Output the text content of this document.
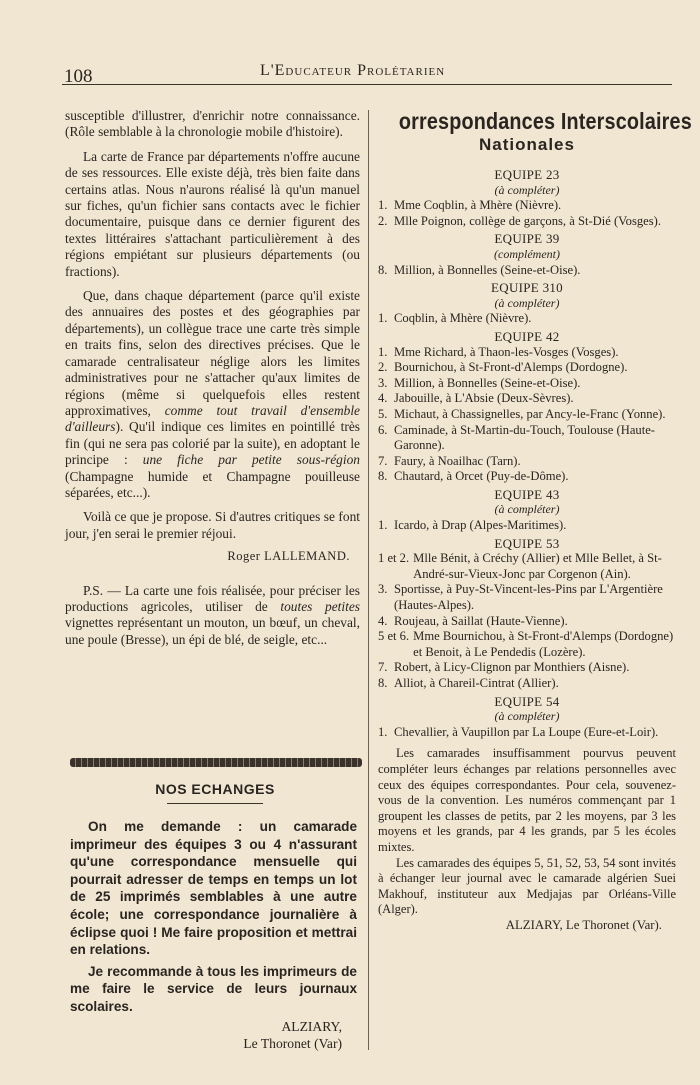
108	L'Educateur Prolétarien

susceptible d'illustrer, d'enrichir notre connaissance. (Rôle semblable à la chronologie mobile d'histoire).

La carte de France par départements n'offre aucune de ses ressources. Elle existe déjà, très bien faite dans certains atlas. Nous n'aurons réalisé là qu'un manuel sur fiches, qu'un fichier sans contacts avec le fichier documentaire, puisque dans ce dernier figurent des textes littéraires s'attachant particulièrement à des régions empiétant sur plusieurs départements (ou fractions).

Que, dans chaque département (parce qu'il existe des annuaires des postes et des géographies par départements), un collègue trace une carte très simple en traits fins, selon des directives précises. Que le camarade centralisateur néglige alors les limites administratives pour ne s'attacher qu'aux limites de régions (même si quelquefois elles restent approximatives, comme tout travail d'ensemble d'ailleurs). Qu'il indique ces limites en pointillé très fin (qui ne sera pas colorié par la suite), en adoptant le principe : une fiche par petite sous-région (Champagne humide et Champagne pouilleuse séparées, etc...).

Voilà ce que je propose. Si d'autres critiques se font jour, j'en serai le premier réjoui.

Roger LALLEMAND.

P.S. — La carte une fois réalisée, pour préciser les productions agricoles, utiliser de toutes petites vignettes représentant un mouton, un bœuf, un cheval, une poule (Bresse), un épi de blé, de seigle, etc...

NOS ECHANGES

On me demande : un camarade imprimeur des équipes 3 ou 4 n'assurant qu'une correspondance mensuelle qui pourrait adresser de temps en temps un lot de 25 imprimés semblables à une autre école; une correspondance journalière à éclipse quoi ! Me faire proposition et mettrai en relations.

Je recommande à tous les imprimeurs de me faire le service de leurs journaux scolaires.

ALZIARY,
Le Thoronet (Var)
orrespondances Interscolaires
Nationales
EQUIPE 23
(à compléter)
1. Mme Coqblin, à Mhère (Nièvre).
2. Mlle Poignon, collège de garçons, à St-Dié (Vosges).
EQUIPE 39
(complément)
8. Million, à Bonnelles (Seine-et-Oise).
EQUIPE 310
(à compléter)
1. Coqblin, à Mhère (Nièvre).
EQUIPE 42
1. Mme Richard, à Thaon-les-Vosges (Vosges).
2. Bournichou, à St-Front-d'Alemps (Dordogne).
3. Million, à Bonnelles (Seine-et-Oise).
4. Jabouille, à L'Absie (Deux-Sèvres).
5. Michaut, à Chassignelles, par Ancy-le-Franc (Yonne).
6. Caminade, à St-Martin-du-Touch, Toulouse (Haute-Garonne).
7. Faury, à Noailhac (Tarn).
8. Chautard, à Orcet (Puy-de-Dôme).
EQUIPE 43
(à compléter)
1. Icardo, à Drap (Alpes-Maritimes).
EQUIPE 53
1 et 2. Mlle Bénit, à Créchy (Allier) et Mlle Bellet, à St-André-sur-Vieux-Jonc par Corgenon (Ain).
3. Sportisse, à Puy-St-Vincent-les-Pins par L'Argentière (Hautes-Alpes).
4. Roujeau, à Saillat (Haute-Vienne).
5 et 6. Mme Bournichou, à St-Front-d'Alemps (Dordogne) et Benoit, à Le Pendedis (Lozère).
7. Robert, à Licy-Clignon par Monthiers (Aisne).
8. Alliot, à Chareil-Cintrat (Allier).
EQUIPE 54
(à compléter)
1. Chevallier, à Vaupillon par La Loupe (Eure-et-Loir).

Les camarades insuffisamment pourvus peuvent compléter leurs échanges par relations personnelles avec ceux des équipes correspondantes. Pour cela, souvenez-vous de la convention. Les numéros commençant par 1 groupent les classes de petits, par 2 les moyens, par 3 les moyens et les grands, par 4 les grands, par 5 les écoles mixtes.

Les camarades des équipes 5, 51, 52, 53, 54 sont invités à échanger leur journal avec le camarade algérien Suei Makhouf, instituteur aux Medjajas par Orléans-Ville (Alger).

ALZIARY, Le Thoronet (Var).
